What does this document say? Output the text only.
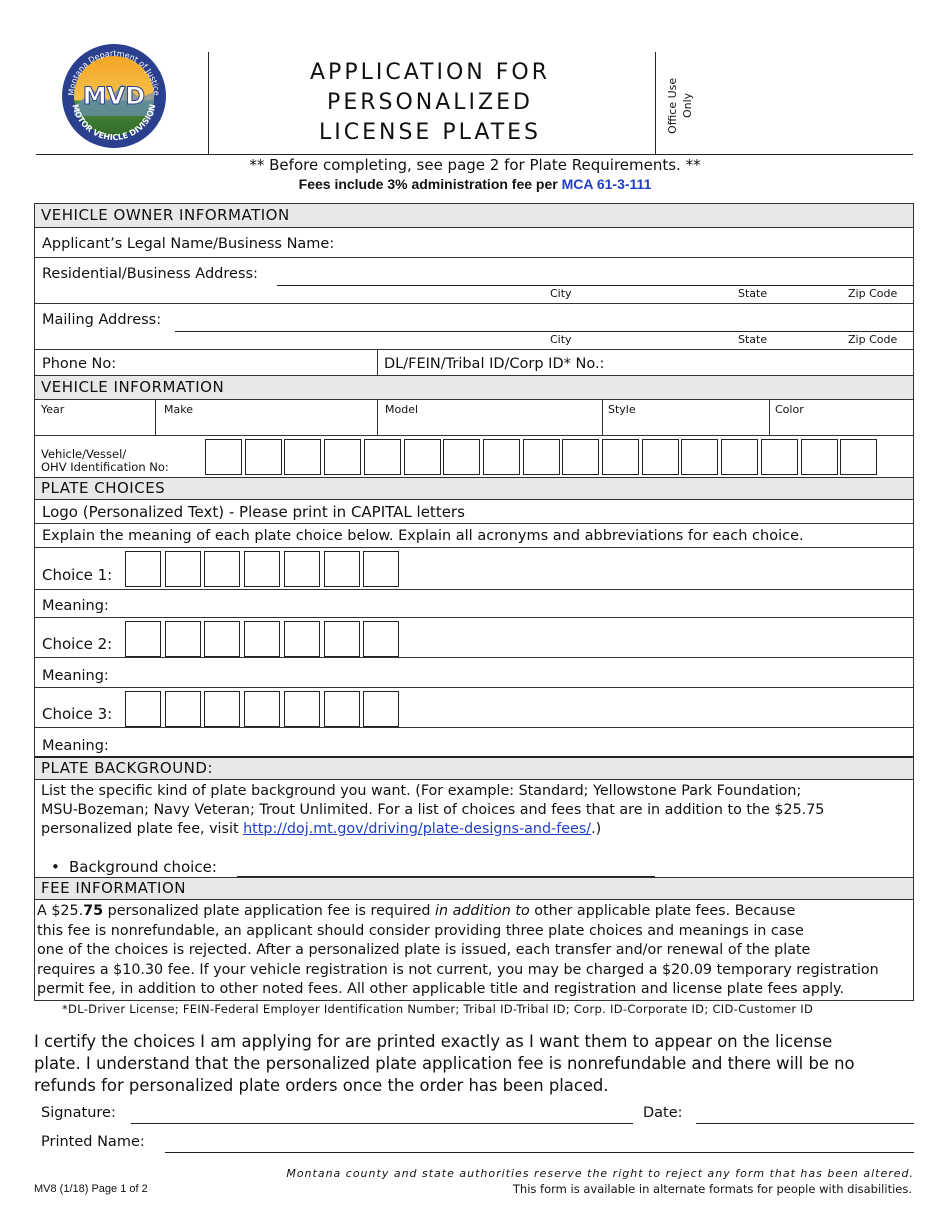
Montana Department of Justice
MVD
MOTOR VEHICLE DIVISION
APPLICATION FOR
PERSONALIZED
LICENSE PLATES	Office Use Only
** Before completing, see page 2 for Plate Requirements. **
Fees include 3% administration fee per MCA 61-3-111
VEHICLE OWNER INFORMATION
Applicant’s Legal Name/Business Name:
Residential/Business Address:
City	State	Zip Code
Mailing Address:
City	State	Zip Code
Phone No:	DL/FEIN/Tribal ID/Corp ID* No.:
VEHICLE INFORMATION
Year	Make	Model	Style	Color
Vehicle/Vessel/
OHV Identification No:
PLATE CHOICES
Logo (Personalized Text) - Please print in CAPITAL letters
Explain the meaning of each plate choice below. Explain all acronyms and abbreviations for each choice.
Choice 1:
Meaning:
Choice 2:
Meaning:
Choice 3:
Meaning:
PLATE BACKGROUND:
List the specific kind of plate background you want. (For example: Standard; Yellowstone Park Foundation;
MSU-Bozeman; Navy Veteran; Trout Unlimited. For a list of choices and fees that are in addition to the $25.75
personalized plate fee, visit http://doj.mt.gov/driving/plate-designs-and-fees/.)
• Background choice:
FEE INFORMATION
A $25.75 personalized plate application fee is required in addition to other applicable plate fees. Because
this fee is nonrefundable, an applicant should consider providing three plate choices and meanings in case
one of the choices is rejected. After a personalized plate is issued, each transfer and/or renewal of the plate
requires a $10.30 fee. If your vehicle registration is not current, you may be charged a $20.09 temporary registration
permit fee, in addition to other noted fees. All other applicable title and registration and license plate fees apply.
*DL-Driver License; FEIN-Federal Employer Identification Number; Tribal ID-Tribal ID; Corp. ID-Corporate ID; CID-Customer ID
I certify the choices I am applying for are printed exactly as I want them to appear on the license
plate. I understand that the personalized plate application fee is nonrefundable and there will be no
refunds for personalized plate orders once the order has been placed.
Signature:	Date:
Printed Name:
Montana county and state authorities reserve the right to reject any form that has been altered.
MV8 (1/18) Page 1 of 2	This form is available in alternate formats for people with disabilities.
